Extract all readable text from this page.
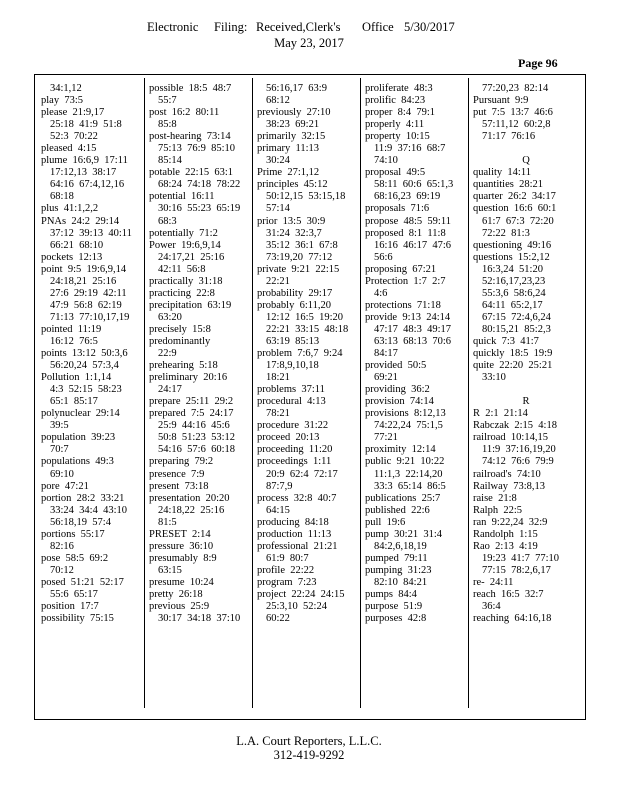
Electronic Filing: Received,Clerk's Office 5/30/2017
May 23, 2017
Page 96
34:1,12
play  73:5
please  21:9,17
25:18  41:9  51:8
52:3  70:22
pleased  4:15
plume  16:6,9  17:11
17:12,13  38:17
64:16  67:4,12,16
68:18
plus  41:1,2,2
PNAs  24:2  29:14
37:12  39:13  40:11
66:21  68:10
pockets  12:13
point  9:5  19:6,9,14
24:18,21  25:16
27:6  29:19  42:11
47:9  56:8  62:19
71:13  77:10,17,19
pointed  11:19
16:12  76:5
points  13:12  50:3,6
56:20,24  57:3,4
Pollution  1:1,14
4:3  52:15  58:23
65:1  85:17
polynuclear  29:14
39:5
population  39:23
70:7
populations  49:3
69:10
pore  47:21
portion  28:2  33:21
33:24  34:4  43:10
56:18,19  57:4
portions  55:17
82:16
pose  58:5  69:2
70:12
posed  51:21  52:17
55:6  65:17
position  17:7
possibility  75:15
possible  18:5  48:7
55:7
post  16:2  80:11
85:8
post-hearing  73:14
75:13  76:9  85:10
85:14
potable  22:15  63:1
68:24  74:18  78:22
potential  16:11
30:16  55:23  65:19
68:3
potentially  71:2
Power  19:6,9,14
24:17,21  25:16
42:11  56:8
practically  31:18
practicing  22:8
precipitation  63:19
63:20
precisely  15:8
predominantly
22:9
prehearing  5:18
preliminary  20:16
24:17
prepare  25:11  29:2
prepared  7:5  24:17
25:9  44:16  45:6
50:8  51:23  53:12
54:16  57:6  60:18
preparing  79:2
presence  7:9
present  73:18
presentation  20:20
24:18,22  25:16
81:5
PRESET  2:14
pressure  36:10
presumably  8:9
63:15
presume  10:24
pretty  26:18
previous  25:9
30:17  34:18  37:10
56:16,17  63:9
68:12
previously  27:10
38:23  69:21
primarily  32:15
primary  11:13
30:24
Prime  27:1,12
principles  45:12
50:12,15  53:15,18
57:14
prior  13:5  30:9
31:24  32:3,7
35:12  36:1  67:8
73:19,20  77:12
private  9:21  22:15
22:21
probability  29:17
probably  6:11,20
12:12  16:5  19:20
22:21  33:15  48:18
63:19  85:13
problem  7:6,7  9:24
17:8,9,10,18
18:21
problems  37:11
procedural  4:13
78:21
procedure  31:22
proceed  20:13
proceeding  11:20
proceedings  1:11
20:9  62:4  72:17
87:7,9
process  32:8  40:7
64:15
producing  84:18
production  11:13
professional  21:21
61:9  80:7
profile  22:22
program  7:23
project  22:24  24:15
25:3,10  52:24
60:22
proliferate  48:3
prolific  84:23
proper  8:4  79:1
properly  4:11
property  10:15
11:9  37:16  68:7
74:10
proposal  49:5
58:11  60:6  65:1,3
68:16,23  69:19
proposals  71:6
propose  48:5  59:11
proposed  8:1  11:8
16:16  46:17  47:6
56:6
proposing  67:21
Protection  1:7  2:7
4:6
protections  71:18
provide  9:13  24:14
47:17  48:3  49:17
63:13  68:13  70:6
84:17
provided  50:5
69:21
providing  36:2
provision  74:14
provisions  8:12,13
74:22,24  75:1,5
77:21
proximity  12:14
public  9:21  10:22
11:1,3  22:14,20
33:3  65:14  86:5
publications  25:7
published  22:6
pull  19:6
pump  30:21  31:4
84:2,6,18,19
pumped  79:11
pumping  31:23
82:10  84:21
pumps  84:4
purpose  51:9
purposes  42:8
77:20,23  82:14
Pursuant  9:9
put  7:5  13:7  46:6
57:11,12  60:2,8
71:17  76:16

Q
quality  14:11
quantities  28:21
quarter  26:2  34:17
question  16:6  60:1
61:7  67:3  72:20
72:22  81:3
questioning  49:16
questions  15:2,12
16:3,24  51:20
52:16,17,23,23
55:3,6  58:6,24
64:11  65:2,17
67:15  72:4,6,24
80:15,21  85:2,3
quick  7:3  41:7
quickly  18:5  19:9
quite  22:20  25:21
33:10

R
R  2:1  21:14
Rabczak  2:15  4:18
railroad  10:14,15
11:9  37:16,19,20
74:12  76:6  79:9
railroad's  74:10
Railway  73:8,13
raise  21:8
Ralph  22:5
ran  9:22,24  32:9
Randolph  1:15
Rao  2:13  4:19
19:23  41:7  77:10
77:15  78:2,6,17
re-  24:11
reach  16:5  32:7
36:4
reaching  64:16,18
L.A. Court Reporters, L.L.C.
312-419-9292
